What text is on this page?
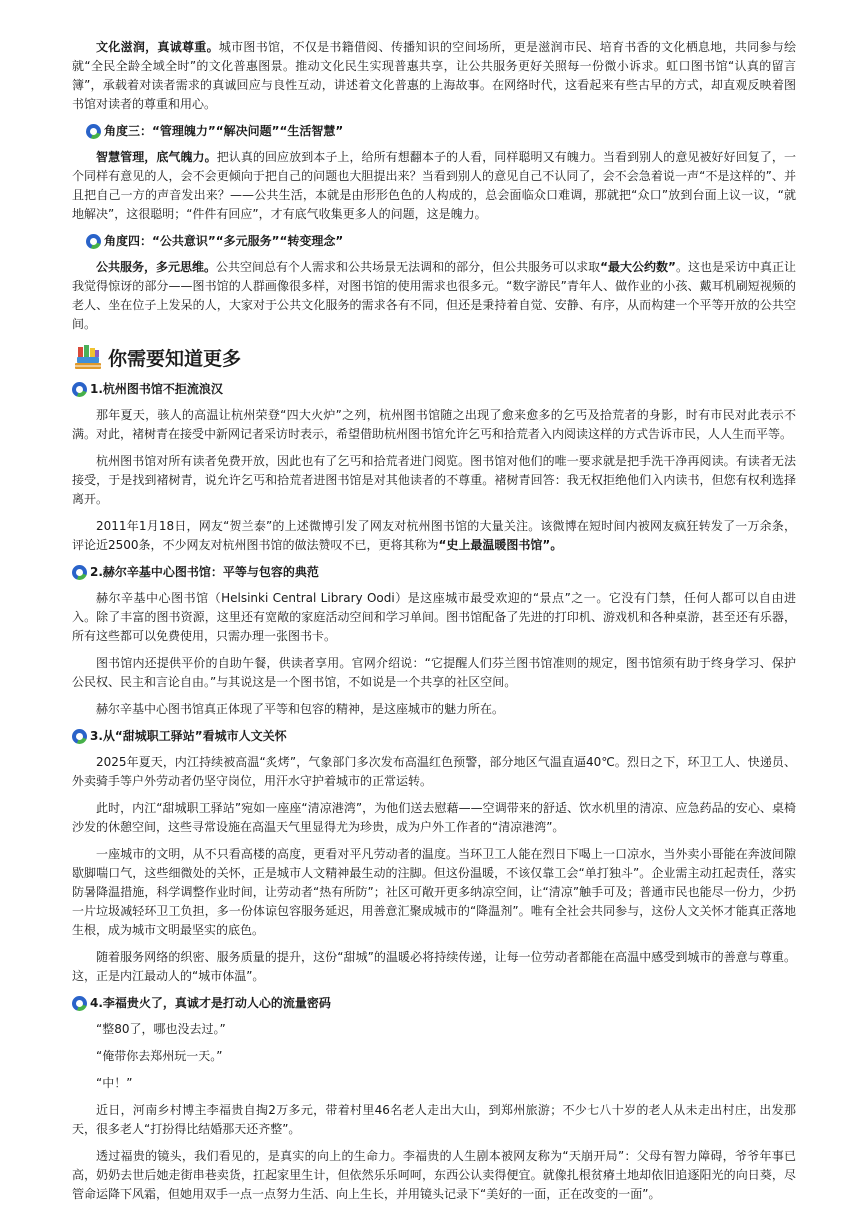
文化滋润，真诚尊重。城市图书馆，不仅是书籍借阅、传播知识的空间场所，更是滋润市民、培育书香的文化栖息地，共同参与绘就“全民全龄全域全时”的文化普惠图景。推动文化民生实现普惠共享，让公共服务更好关照每一份微小诉求。虹口图书馆“认真的留言簿”，承载着对读者需求的真诚回应与良性互动，讲述着文化普惠的上海故事。在网络时代，这看起来有些古早的方式，却直观反映着图书馆对读者的尊重和用心。

角度三：“管理魄力”“解决问题”“生活智慧”

智慧管理，底气魄力。把认真的回应放到本子上，给所有想翻本子的人看，同样聪明又有魄力。当看到别人的意见被好好回复了，一个同样有意见的人，会不会更倾向于把自己的问题也大胆提出来？当看到别人的意见自己不认同了，会不会急着说一声“不是这样的”、并且把自己一方的声音发出来？——公共生活，本就是由形形色色的人构成的，总会面临众口难调，那就把“众口”放到台面上议一议，“就地解决”，这很聪明；“件件有回应”，才有底气收集更多人的问题，这是魄力。

角度四：“公共意识”“多元服务”“转变理念”

公共服务，多元思维。公共空间总有个人需求和公共场景无法调和的部分，但公共服务可以求取“最大公约数”。这也是采访中真正让我觉得惊讶的部分——图书馆的人群画像很多样，对图书馆的使用需求也很多元。“数字游民”青年人、做作业的小孩、戴耳机刷短视频的老人、坐在位子上发呆的人，大家对于公共文化服务的需求各有不同，但还是秉持着自觉、安静、有序，从而构建一个平等开放的公共空间。

你需要知道更多
1.杭州图书馆不拒流浪汉

那年夏天，骇人的高温让杭州荣登“四大火炉”之列，杭州图书馆随之出现了愈来愈多的乞丐及拾荒者的身影，时有市民对此表示不满。对此，褚树青在接受中新网记者采访时表示，希望借助杭州图书馆允许乞丐和拾荒者入内阅读这样的方式告诉市民，人人生而平等。

杭州图书馆对所有读者免费开放，因此也有了乞丐和拾荒者进门阅览。图书馆对他们的唯一要求就是把手洗干净再阅读。有读者无法接受，于是找到褚树青，说允许乞丐和拾荒者进图书馆是对其他读者的不尊重。褚树青回答：我无权拒绝他们入内读书，但您有权利选择离开。

2011年1月18日，网友“贺兰泰”的上述微博引发了网友对杭州图书馆的大量关注。该微博在短时间内被网友疯狂转发了一万余条，评论近2500条，不少网友对杭州图书馆的做法赞叹不已，更将其称为“史上最温暖图书馆”。

2.赫尔辛基中心图书馆：平等与包容的典范

赫尔辛基中心图书馆（Helsinki Central Library Oodi）是这座城市最受欢迎的“景点”之一。它没有门禁，任何人都可以自由进入。除了丰富的图书资源，这里还有宽敞的家庭活动空间和学习单间。图书馆配备了先进的打印机、游戏机和各种桌游，甚至还有乐器，所有这些都可以免费使用，只需办理一张图书卡。

图书馆内还提供平价的自助午餐，供读者享用。官网介绍说：“它提醒人们芬兰图书馆准则的规定，图书馆须有助于终身学习、保护公民权、民主和言论自由。”与其说这是一个图书馆，不如说是一个共享的社区空间。

赫尔辛基中心图书馆真正体现了平等和包容的精神，是这座城市的魅力所在。

3.从“甜城职工驿站”看城市人文关怀

2025年夏天，内江持续被高温“炙烤”，气象部门多次发布高温红色预警，部分地区气温直逼40℃。烈日之下，环卫工人、快递员、外卖骑手等户外劳动者仍坚守岗位，用汗水守护着城市的正常运转。

此时，内江“甜城职工驿站”宛如一座座“清凉港湾”，为他们送去慰藉——空调带来的舒适、饮水机里的清凉、应急药品的安心、桌椅沙发的休憩空间，这些寻常设施在高温天气里显得尤为珍贵，成为户外工作者的“清凉港湾”。

一座城市的文明，从不只看高楼的高度，更看对平凡劳动者的温度。当环卫工人能在烈日下喝上一口凉水，当外卖小哥能在奔波间隙歇脚喘口气，这些细微处的关怀，正是城市人文精神最生动的注脚。但这份温暖，不该仅靠工会“单打独斗”。企业需主动扛起责任，落实防暑降温措施，科学调整作业时间，让劳动者“热有所防”；社区可敞开更多纳凉空间，让“清凉”触手可及；普通市民也能尽一份力，少扔一片垃圾减轻环卫工负担，多一份体谅包容服务延迟，用善意汇聚成城市的“降温剂”。唯有全社会共同参与，这份人文关怀才能真正落地生根，成为城市文明最坚实的底色。

随着服务网络的织密、服务质量的提升，这份“甜城”的温暖必将持续传递，让每一位劳动者都能在高温中感受到城市的善意与尊重。这，正是内江最动人的“城市体温”。

4.李福贵火了，真诚才是打动人心的流量密码

“整80了，哪也没去过。”

“俺带你去郑州玩一天。”

“中！”

近日，河南乡村博主李福贵自掏2万多元，带着村里46名老人走出大山，到郑州旅游；不少七八十岁的老人从未走出村庄，出发那天，很多老人“打扮得比结婚那天还齐整”。

透过福贵的镜头，我们看见的，是真实的向上的生命力。李福贵的人生剧本被网友称为“天崩开局”：父母有智力障碍，爷爷年事已高，奶奶去世后她走街串巷卖货，扛起家里生计，但依然乐乐呵呵，东西公认卖得便宜。就像扎根贫瘠土地却依旧追逐阳光的向日葵，尽管命运降下风霜，但她用双手一点一点努力生活、向上生长，并用镜头记录下“美好的一面，正在改变的一面”。
